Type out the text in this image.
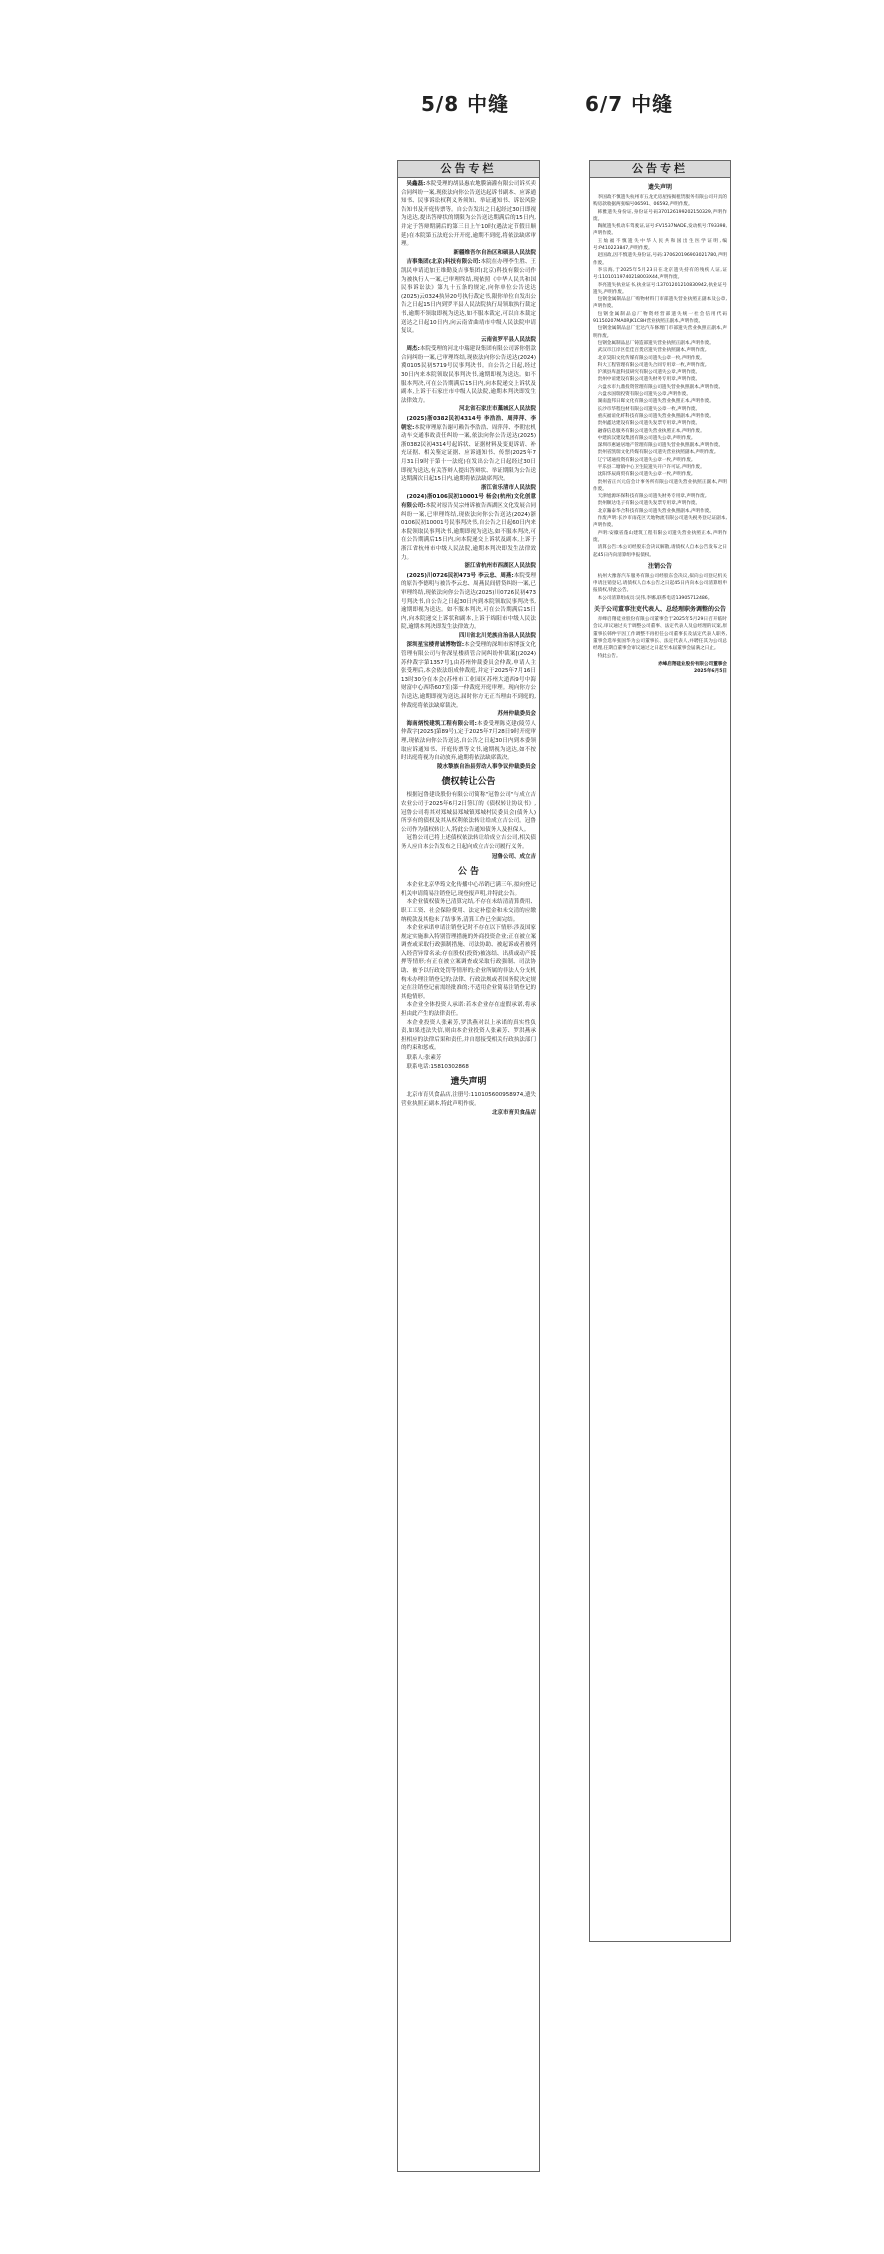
5/8 中缝	6/7 中缝
公告专栏

吴鑫磊:本院受理的胡县惠农地膜滴灌有限公司诉买卖合同纠纷一案,现依法向你公告送达起诉书副本、应诉通知书、民事诉讼权利义务须知、举证通知书、诉讼风险告知书及开庭传票等。自公告发出之日起经过30日即视为送达,提出答辩状的期限为公告送达期满后的15日内,并定于答辩期满后的第三日上午10时(遇法定节假日顺延)在本院第五法庭公开开庭,逾期不到庭,将依法缺席审理。

新疆维吾尔自治区和硕县人民法院

吉事集团(北京)科技有限公司:本院在办理李生胜、王凯民申请追加王维勤及吉事集团(北京)科技有限公司作为被执行人一案,已审理终结,现依照《中华人民共和国民事诉讼法》第九十五条的规定,向你单位公告送达(2025)云0324执异20号执行裁定书,限你单位自发出公告之日起15日内到罗平县人民法院执行局领取执行裁定书,逾期不领取即视为送达,如不服本裁定,可以自本裁定送达之日起10日内,向云南省曲靖市中级人民法院申请复议。

云南省罗平县人民法院

周杰:本院受理的河北中瑞建设集团有限公司诉你借款合同纠纷一案,已审理终结,现依法向你公告送达(2024)冀0105民初5719号民事判决书。自公告之日起,经过30日内来本院领取民事判决书,逾期即视为送达。如不服本判决,可在公告期满后15日内,向本院递交上诉状及副本,上诉于石家庄市中级人民法院,逾期本判决即发生法律效力。

河北省石家庄市藁城区人民法院

(2025)浙0382民初4314号 李浩浩、周萍萍、李朝宏:本院审理原告谢可赖告李浩浩、周萍萍、李朝宏机动车交通事故责任纠纷一案,依法向你公告送达(2025)浙0382民初4314号起诉状、证据材料及变更诉请、补充证据、相关鉴定证据、应诉通知书、传票(2025年7月31日9时于第十一法庭)在发出公告之日起经过30日即视为送达,有关答辩人提出答辩状、举证期限为公告送达期满次日起15日内,逾期将依法缺席判决。

浙江省乐清市人民法院

(2024)浙0106民初10001号 杨会(杭州)文化创意有限公司:本院对原告吴宗州诉被告西湖区文化发展合同纠纷一案,已审理终结,现依法向你公告送达(2024)浙0106民初10001号民事判决书,自公告之日起60日内来本院领取民事判决书,逾期即视为送达,如不服本判决,可在公告期满后15日内,向本院递交上诉状及副本,上诉于浙江省杭州市中级人民法院,逾期本判决即发生法律效力。

浙江省杭州市西湖区人民法院

(2025)川0726民初473号 李云忠、周燕:本院受理的原告李德明与被告李云忠、周燕民间借贷纠纷一案,已审理终结,现依法向你公告送达(2025)川0726民初473号判决书,自公告之日起30日内到本院领取民事判决书,逾期即视为送达。如不服本判决,可在公告期满后15日内,向本院递交上诉状和副本,上诉于绵阳市中级人民法院,逾期本判决即发生法律效力。

四川省北川羌族自治县人民法院

深圳星宝楼青诚博物馆:本会受理的深圳市客博蛋文化管理有限公司与你深星楼质管合同纠纷仲裁案[(2024)苏仲裁字第1357号],由苏州仲裁委员会仲裁,申请人主张受理后,本会依法组成仲裁庭,并定于2025年7月16日13时30分在本会(苏州市工业园区苏州大道西9号中海财富中心西塔607室)第一仲裁庭开庭审理。现向你方公告送达,逾期即视为送达,届时你方无正当理由不到庭的,仲裁庭将依法缺席裁决。

苏州仲裁委员会

海南炳悦建筑工程有限公司:本委受理陈克建(陵劳人仲裁字[2025]第89号),定于2025年7月28日9时开庭审理,现依法向你公告送达,自公告之日起30日内到本委领取应诉通知书、开庭传票等文书,逾期视为送达,如不按时出庭将视为自动放弃,逾期将依法缺席裁决。

陵水黎族自治县劳动人事争议仲裁委员会

债权转让公告

根据冠鲁建设股份有限公司简称"冠鲁公司"与成立吉农业公司于2025年6月2日签订的《债权转让协议书》,冠鲁公司将其对郑城县郑城镇郑城村民委员会(债务人)所享有的债权及其从权利依法转让给成立吉公司。冠鲁公司作为债权转让人,特此公告通知债务人及担保人。

冠鲁公司已将上述债权依法转让给成立吉公司,相关债务人应自本公告发布之日起向成立吉公司履行义务。

冠鲁公司、成立吉

公 告

本企业北京华筠文化传播中心吊销已满三年,拟向登记机关申请简易注销登记,现登报声明,并特此公告。

本企业债权债务已清算完结,不存在未结清清算费用、职工工资、社会保险费用、法定补偿金和未交清的应缴纳税款及其他未了结事务,清算工作已全面完结。

本企业承诺申请注销登记时不存在以下情形:涉及国家规定实施准入特别管理措施的外商投资企业;正在被立案调查或采取行政强制措施、司法协助、被起诉或者被列入经营异常名录;存在股权(投资)被冻结、出质或动产抵押等情形;有正在被立案调查或采取行政强制、司法协助、被予以行政处罚等情形的;企业所属的非法人分支机构未办理注销登记的;法律、行政法规或者国务院决定规定在注销登记前需经批准的;不适用企业简易注销登记的其他情形。

本企业全体投资人承诺:若本企业存在虚假承诺,将承担由此产生的法律责任。

本企业投资人张素芳,罗洪燕对以上承诺的真实性负责,如果违法失信,则由本企业投资人张素芳、罗洪燕承担相应的法律后果和责任,并自愿接受相关行政执法部门的约束和惩戒。

联系人:张素芳

联系电话:15810302868

遗失声明

北京市育贝食品店,注册号:110105600958974,遗失营业执照正副本,特此声明作废。

北京市育贝食品店

公告专栏
遗失声明

李国政不慎遗失杭州市五龙光房屋按揭租赁服务有限公司开具的购房款收据两张编号06591、06592,声明作废。

韩雅遗失身份证,身份证号码370126199202150329,声明作废。

陶航遗失机动车驾驶证,证号:FV1537NADE,发动机号:T93398,声明作废。

王灿福不慎遗失中华人民共和国出生医学证明,编号:P410223847,声明作废。

赵国政,因不慎遗失身份证,号码:370620196903021780,声明作废。

李宗海,于2025年5月23日在北京遗失持有的残疾人证,证号:11010119740218003X44,声明作废。

李亮遗失执业证书,执业证号:13701201210830942,执业证号遗失,声明作废。

包钢金属制品总厂购物材料门市部遗失营业执照正副本及公章,声明作废。

包钢金属制品总厂物资经营部遗失统一社会信用代码91150207MA0RJK1C8H营业执照正副本,声明作废。

包钢金属制品总厂宏达汽车修理门市部遗失营业执照正副本,声明作废。

包钢金属制品总厂铸造部遗失营业执照正副本,声明作废。

武汉市江岸区佳佳百货店遗失营业执照副本,声明作废。

北京昊阳文化传媒有限公司遗失公章一枚,声明作废。

科大工程管理有限公司遗失合同专用章一枚,声明作废。

沪滇县库盈科技研究有限公司遗失公章,声明作废。

贵州中谊建设有限公司遗失财务专用章,声明作废。

六盘水市九鼎投资管理有限公司遗失营业执照副本,声明作废。

六盘水国瑞投资有限公司遗失公章,声明作废。

湖南盈邦日晖文化有限公司遗失营业执照正本,声明作废。

长沙市华程包材有限公司遗失公章一枚,声明作废。

重庆福谊化纤科技有限公司遗失营业执照副本,声明作废。

贵州鑫达建设有限公司遗失发票专用章,声明作废。

融睿信息服务有限公司遗失营业执照正本,声明作废。

中建滨汉建设集团有限公司遗失公章,声明作废。

深圳市惠通居地产管理有限公司遗失营业执照副本,声明作废。

贵州省凯瑞文化传媒有限公司遗失营业执照副本,声明作废。

辽宁诺通投资有限公司遗失公章一枚,声明作废。

平乐县二塘镇中心卫生院遗失开户许可证,声明作废。

沈阳华辰商贸有限公司遗失公章一枚,声明作废。

贵州省正兴元信会计事务所有限公司遗失营业执照正副本,声明作废。

天津旭源环保科技有限公司遗失财务专用章,声明作废。

贵州顺达电子有限公司遗失发票专用章,声明作废。

北京瀚泰华合科技有限公司遗失营业执照副本,声明作废。

作废声明:长沙市雨花区天地物流有限公司遗失税务登记证副本,声明作废。

声明:安徽省蓬山建筑工程有限公司遗失营业执照正本,声明作废。

清算公告:本公司经股东会决议解散,请债权人自本公告发布之日起45日内向清算组申报债权。

注销公告

杭州大豫客汽车服务有限公司经股东会决议,拟向公司登记机关申请注销登记,请债权人自本公告之日起45日内向本公司清算组申报债权,特此公告。

本公司清算组成员:吴伟,李娜,联系电话13905712486。

关于公司董事注吏代表人、总经理职务调整的公告

赤峰启翔硅业股份有限公司董事会于2025年5月29日召开临时会议,审议通过关于调整公司董事、法定代表人及总经理的议案,原董事长韩仲宇因工作调整不再担任公司董事长及法定代表人职务,董事会选举张国华为公司董事长、法定代表人,并聘任其为公司总经理,任期自董事会审议通过之日起至本届董事会届满之日止。

特此公告。

赤峰启翔硅业股份有限公司董事会

2025年6月5日
